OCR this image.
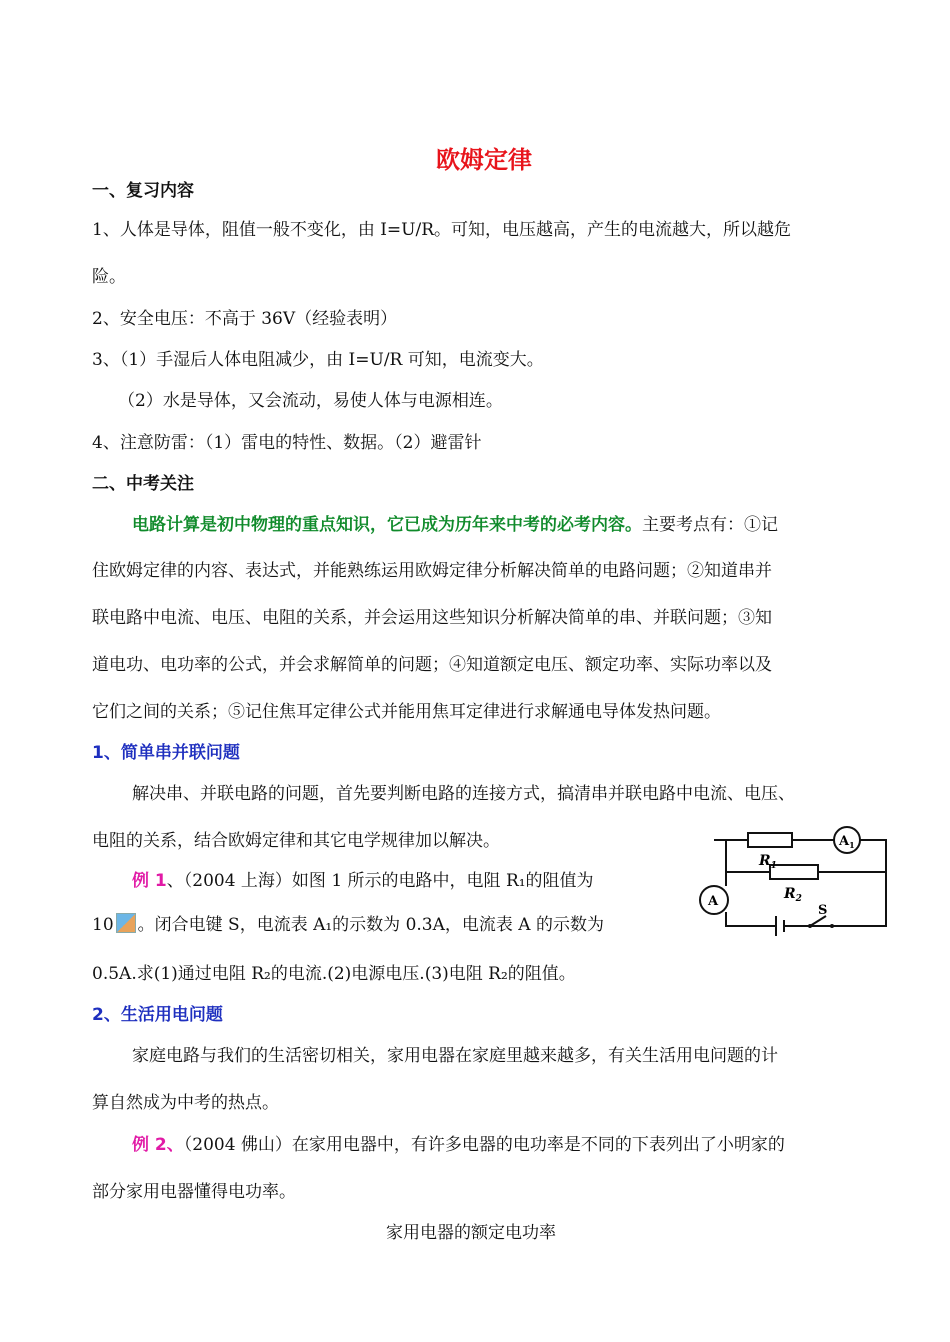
欧姆定律
一、复习内容
1、人体是导体，阻值一般不变化，由 I=U/R。可知，电压越高，产生的电流越大，所以越危
险。
2、安全电压：不高于 36V（经验表明）
3、（1）手湿后人体电阻减少，由 I=U/R 可知，电流变大。
（2）水是导体，又会流动，易使人体与电源相连。
4、注意防雷：（1）雷电的特性、数据。（2）避雷针
二、中考关注
电路计算是初中物理的重点知识，它已成为历年来中考的必考内容。主要考点有：①记
住欧姆定律的内容、表达式，并能熟练运用欧姆定律分析解决简单的电路问题；②知道串并
联电路中电流、电压、电阻的关系，并会运用这些知识分析解决简单的串、并联问题；③知
道电功、电功率的公式，并会求解简单的问题；④知道额定电压、额定功率、实际功率以及
它们之间的关系；⑤记住焦耳定律公式并能用焦耳定律进行求解通电导体发热问题。
1、简单串并联问题
解决串、并联电路的问题，首先要判断电路的连接方式，搞清串并联电路中电流、电压、
电阻的关系，结合欧姆定律和其它电学规律加以解决。
例 1、（2004 上海）如图 1 所示的电路中，电阻 R₁的阻值为
10 。闭合电键 S，电流表 A₁的示数为 0.3A，电流表 A 的示数为
0.5A.求(1)通过电阻 R₂的电流.(2)电源电压.(3)电阻 R₂的阻值。
$R_1$
$R_2$
$A_1$
A
S
2、生活用电问题
家庭电路与我们的生活密切相关，家用电器在家庭里越来越多，有关生活用电问题的计
算自然成为中考的热点。
例 2、（2004 佛山）在家用电器中，有许多电器的电功率是不同的下表列出了小明家的
部分家用电器懂得电功率。
家用电器的额定电功率
